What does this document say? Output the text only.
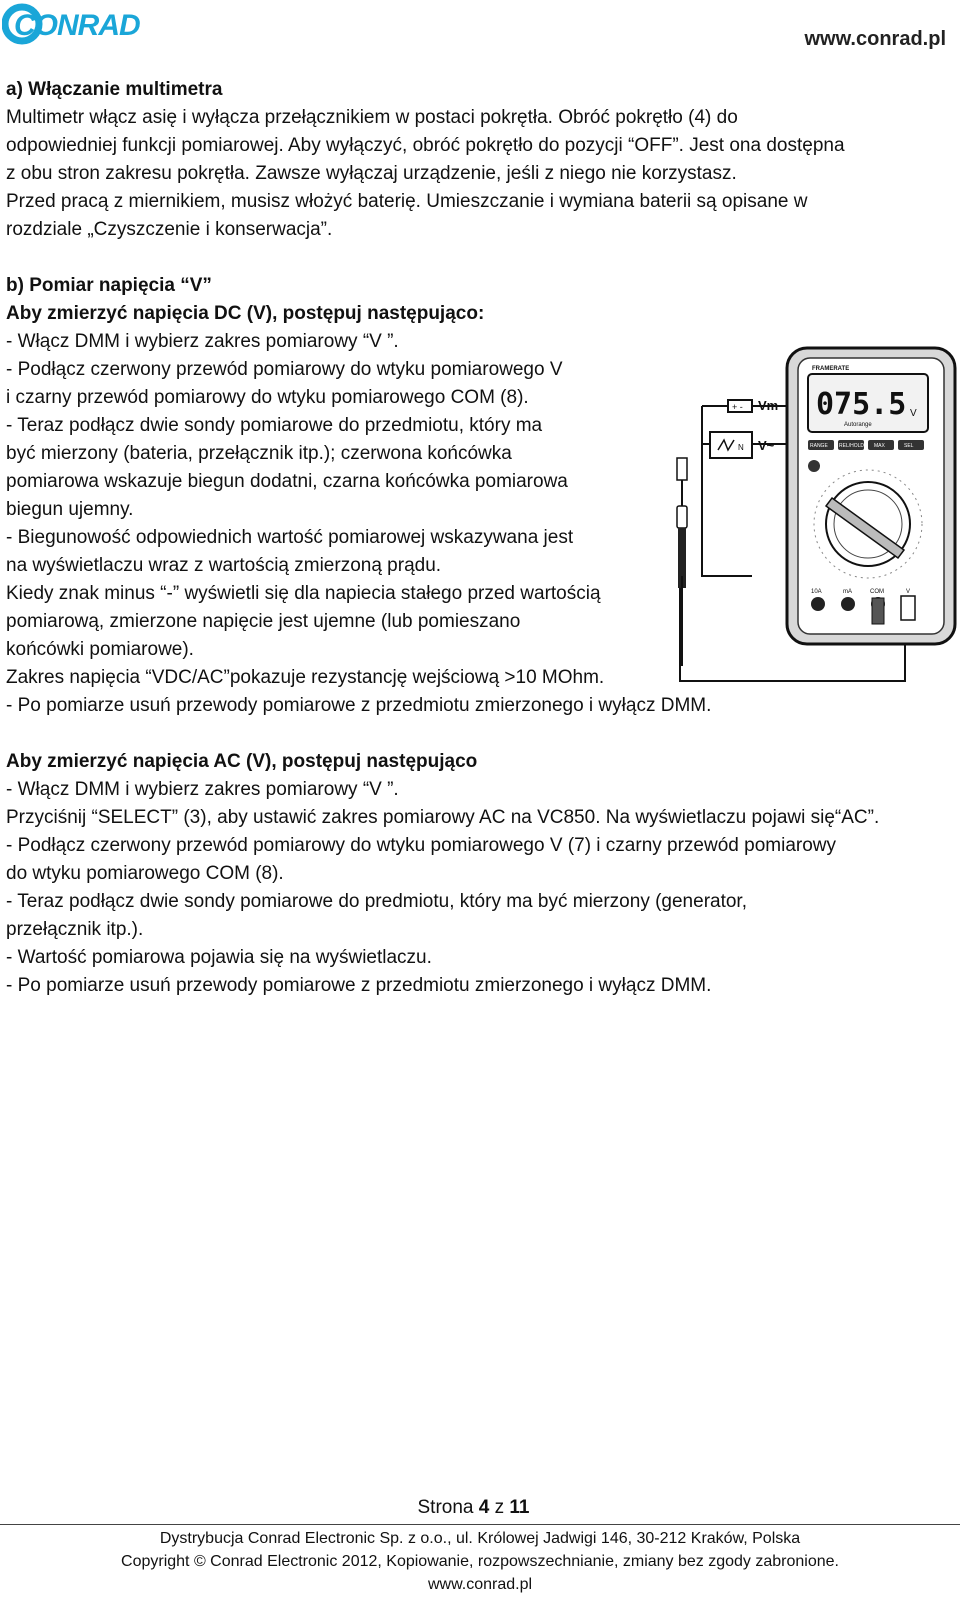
CONRAD	www.conrad.pl
a) Włączanie multimetra
Multimetr włącz asię i wyłącza przełącznikiem w postaci pokrętła. Obróć pokrętło (4) do
odpowiedniej funkcji pomiarowej. Aby wyłączyć, obróć pokrętło do pozycji “OFF”. Jest ona dostępna
z obu stron zakresu pokrętła. Zawsze wyłączaj urządzenie, jeśli z niego nie korzystasz.
Przed pracą z miernikiem, musisz włożyć baterię. Umieszczanie i wymiana baterii są opisane w
rozdziale „Czyszczenie i konserwacja”.
b) Pomiar napięcia “V”
Aby zmierzyć napięcia DC (V), postępuj następująco:
- Włącz DMM i wybierz zakres pomiarowy “V ”.
- Podłącz czerwony przewód pomiarowy do wtyku pomiarowego V
i czarny przewód pomiarowy do wtyku pomiarowego COM (8).
- Teraz podłącz dwie sondy pomiarowe do przedmiotu, który ma
być mierzony (bateria, przełącznik itp.); czerwona końcówka
pomiarowa wskazuje biegun dodatni, czarna końcówka pomiarowa
biegun ujemny.
- Biegunowość odpowiednich wartość pomiarowej wskazywana jest
na wyświetlaczu wraz z wartością zmierzoną prądu.
Kiedy znak minus “-” wyświetli się dla napiecia stałego przed wartością
pomiarową, zmierzone napięcie jest ujemne (lub pomieszano
końcówki pomiarowe).
Zakres napięcia “VDC/AC”pokazuje rezystancję wejściową >10 MOhm.
- Po pomiarze usuń przewody pomiarowe z przedmiotu zmierzonego i wyłącz DMM.
Aby zmierzyć napięcia AC (V), postępuj następująco
- Włącz DMM i wybierz zakres pomiarowy “V ”.
Przyciśnij “SELECT” (3), aby ustawić zakres pomiarowy AC na VC850. Na wyświetlaczu pojawi się“AC”.
- Podłącz czerwony przewód pomiarowy do wtyku pomiarowego V (7) i czarny przewód pomiarowy
do wtyku pomiarowego COM (8).
- Teraz podłącz dwie sondy pomiarowe do predmiotu, który ma być mierzony (generator,
przełącznik itp.).
- Wartość pomiarowa pojawia się na wyświetlaczu.
- Po pomiarze usuń przewody pomiarowe z przedmiotu zmierzonego i wyłącz DMM.
+ -
N
Vm
V~
FRAMERATE
075.5 V
Autorange
RANGE REL/HOLD MAX	SEL
10A	mA	COM	V
Strona 4 z 11
Dystrybucja Conrad Electronic Sp. z o.o., ul. Królowej Jadwigi 146, 30-212 Kraków, Polska
Copyright © Conrad Electronic 2012, Kopiowanie, rozpowszechnianie, zmiany bez zgody zabronione.
www.conrad.pl
